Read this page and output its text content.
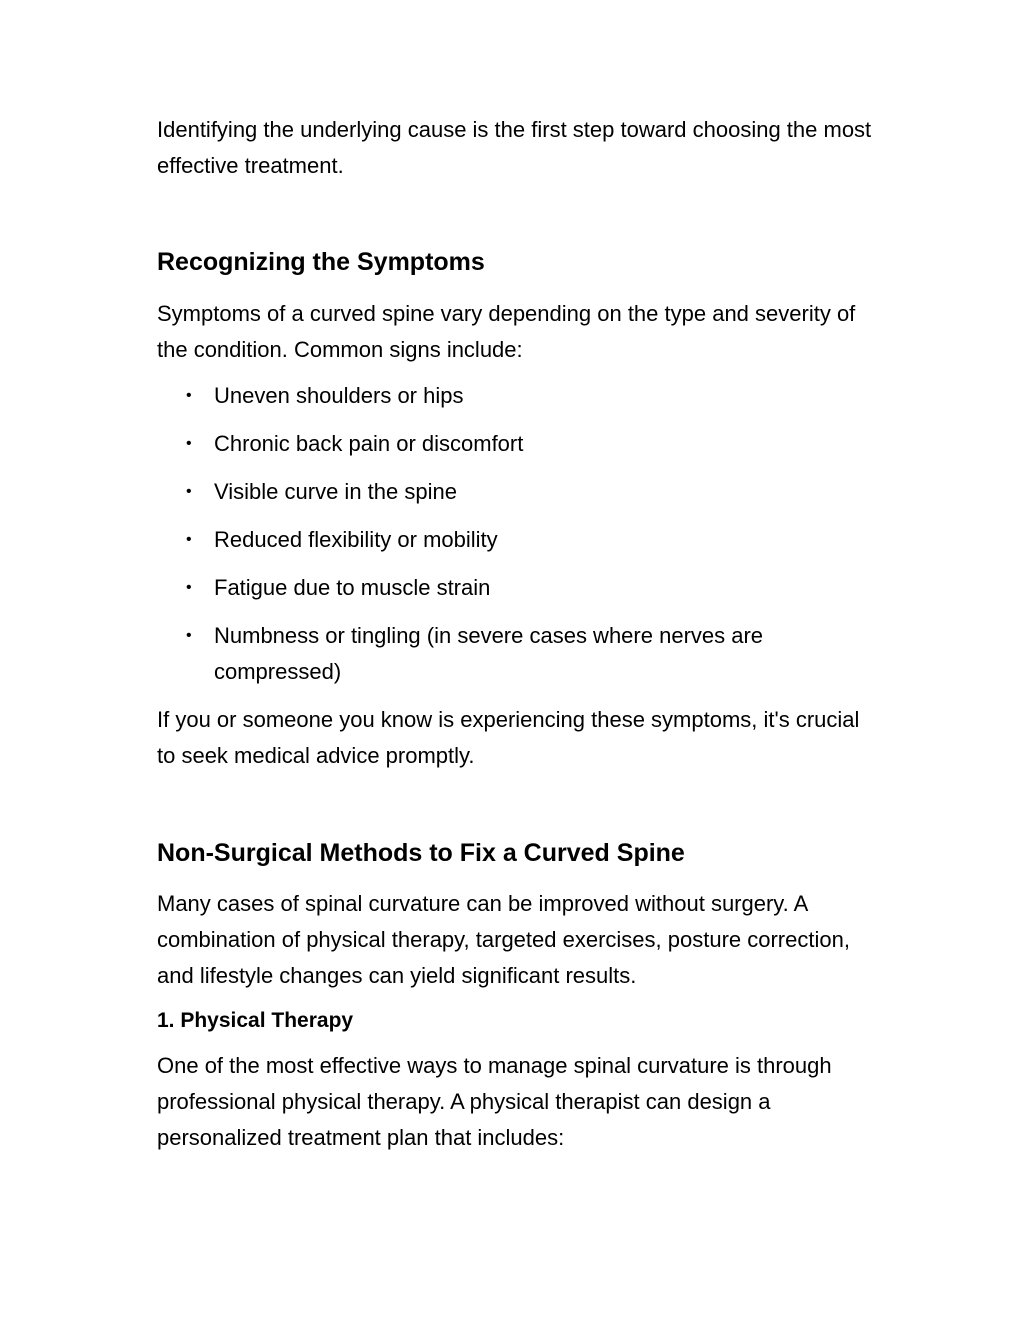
Identifying the underlying cause is the first step toward choosing the most effective treatment.

Recognizing the Symptoms

Symptoms of a curved spine vary depending on the type and severity of the condition. Common signs include:

• Uneven shoulders or hips
• Chronic back pain or discomfort
• Visible curve in the spine
• Reduced flexibility or mobility
• Fatigue due to muscle strain
• Numbness or tingling (in severe cases where nerves are compressed)

If you or someone you know is experiencing these symptoms, it's crucial to seek medical advice promptly.

Non-Surgical Methods to Fix a Curved Spine

Many cases of spinal curvature can be improved without surgery. A combination of physical therapy, targeted exercises, posture correction, and lifestyle changes can yield significant results.

1. Physical Therapy

One of the most effective ways to manage spinal curvature is through professional physical therapy. A physical therapist can design a personalized treatment plan that includes:
